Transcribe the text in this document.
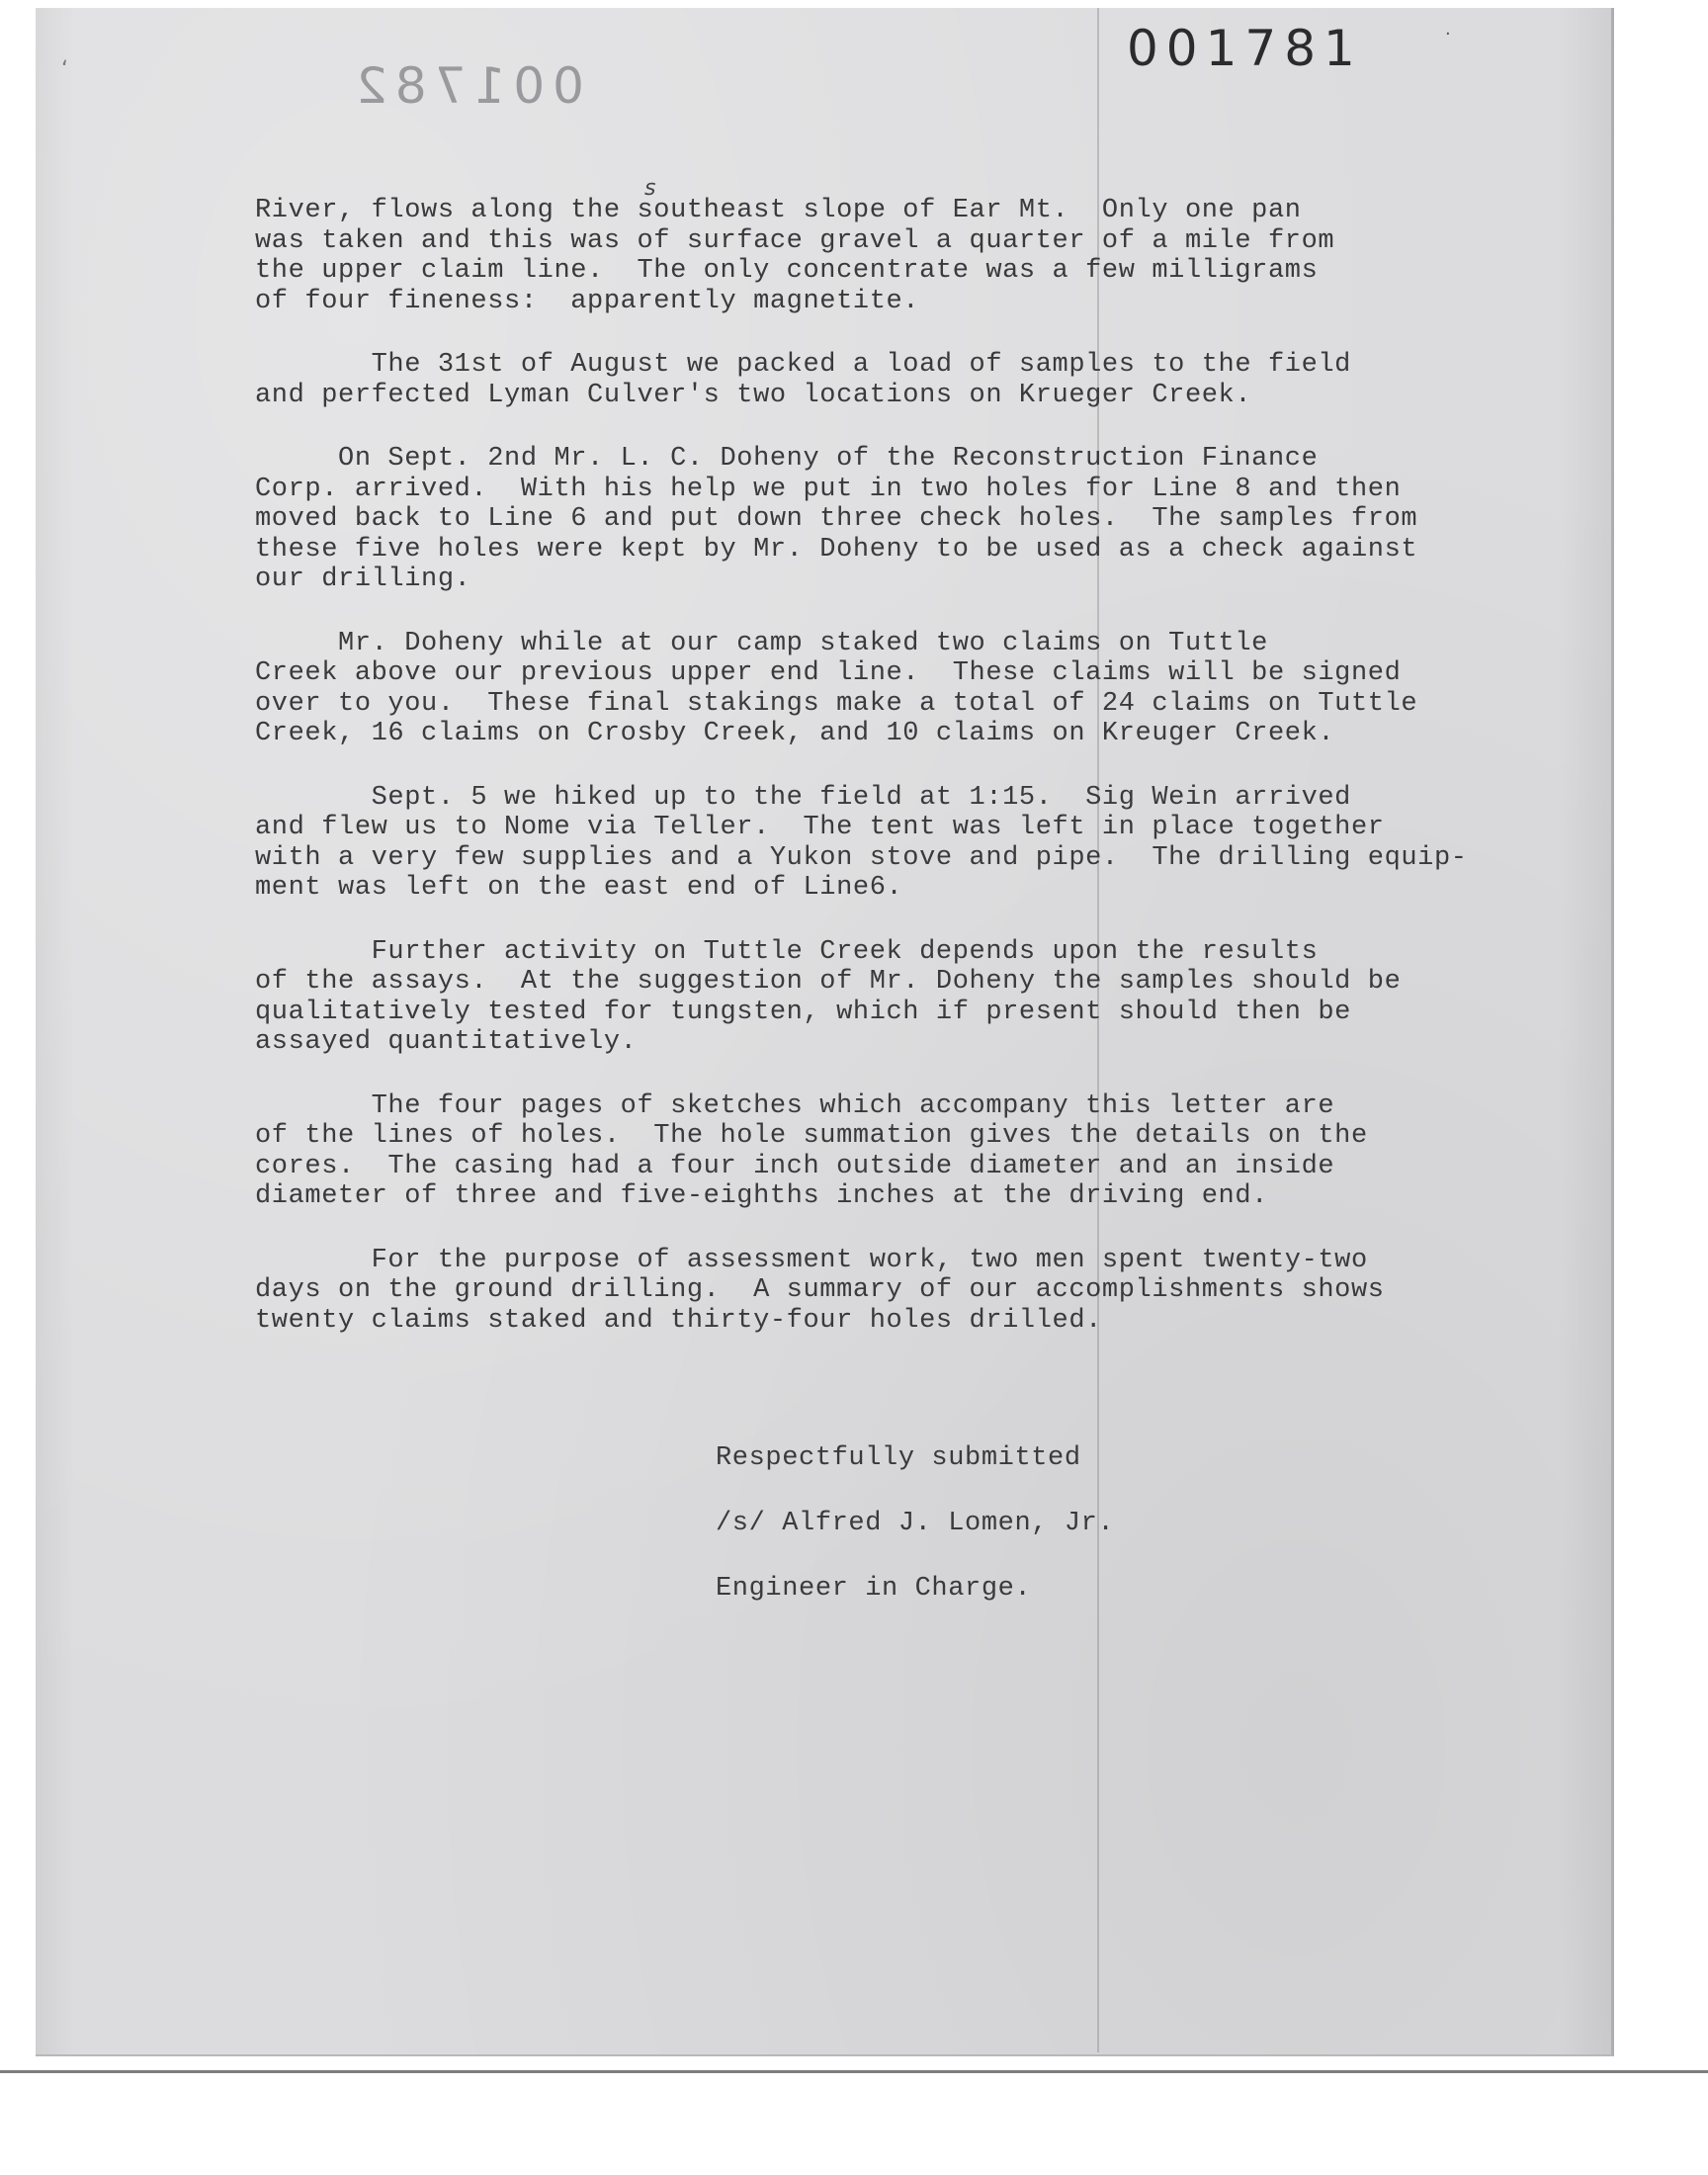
001781
001782
s
‘
·
River, flows along the southeast slope of Ear Mt.  Only one pan
was taken and this was of surface gravel a quarter of a mile from
the upper claim line.  The only concentrate was a few milligrams
of four fineness:  apparently magnetite.
The 31st of August we packed a load of samples to the field
and perfected Lyman Culver's two locations on Krueger Creek.
On Sept. 2nd Mr. L. C. Doheny of the Reconstruction Finance
Corp. arrived.  With his help we put in two holes for Line 8 and then
moved back to Line 6 and put down three check holes.  The samples from
these five holes were kept by Mr. Doheny to be used as a check against
our drilling.
Mr. Doheny while at our camp staked two claims on Tuttle
Creek above our previous upper end line.  These claims will be signed
over to you.  These final stakings make a total of 24 claims on Tuttle
Creek, 16 claims on Crosby Creek, and 10 claims on Kreuger Creek.
Sept. 5 we hiked up to the field at 1:15.  Sig Wein arrived
and flew us to Nome via Teller.  The tent was left in place together
with a very few supplies and a Yukon stove and pipe.  The drilling equip-
ment was left on the east end of Line6.
Further activity on Tuttle Creek depends upon the results
of the assays.  At the suggestion of Mr. Doheny the samples should be
qualitatively tested for tungsten, which if present should then be
assayed quantitatively.
The four pages of sketches which accompany this letter are
of the lines of holes.  The hole summation gives the details on the
cores.  The casing had a four inch outside diameter and an inside
diameter of three and five-eighths inches at the driving end.
For the purpose of assessment work, two men spent twenty-two
days on the ground drilling.  A summary of our accomplishments shows
twenty claims staked and thirty-four holes drilled.
Respectfully submitted
/s/ Alfred J. Lomen, Jr.
Engineer in Charge.
